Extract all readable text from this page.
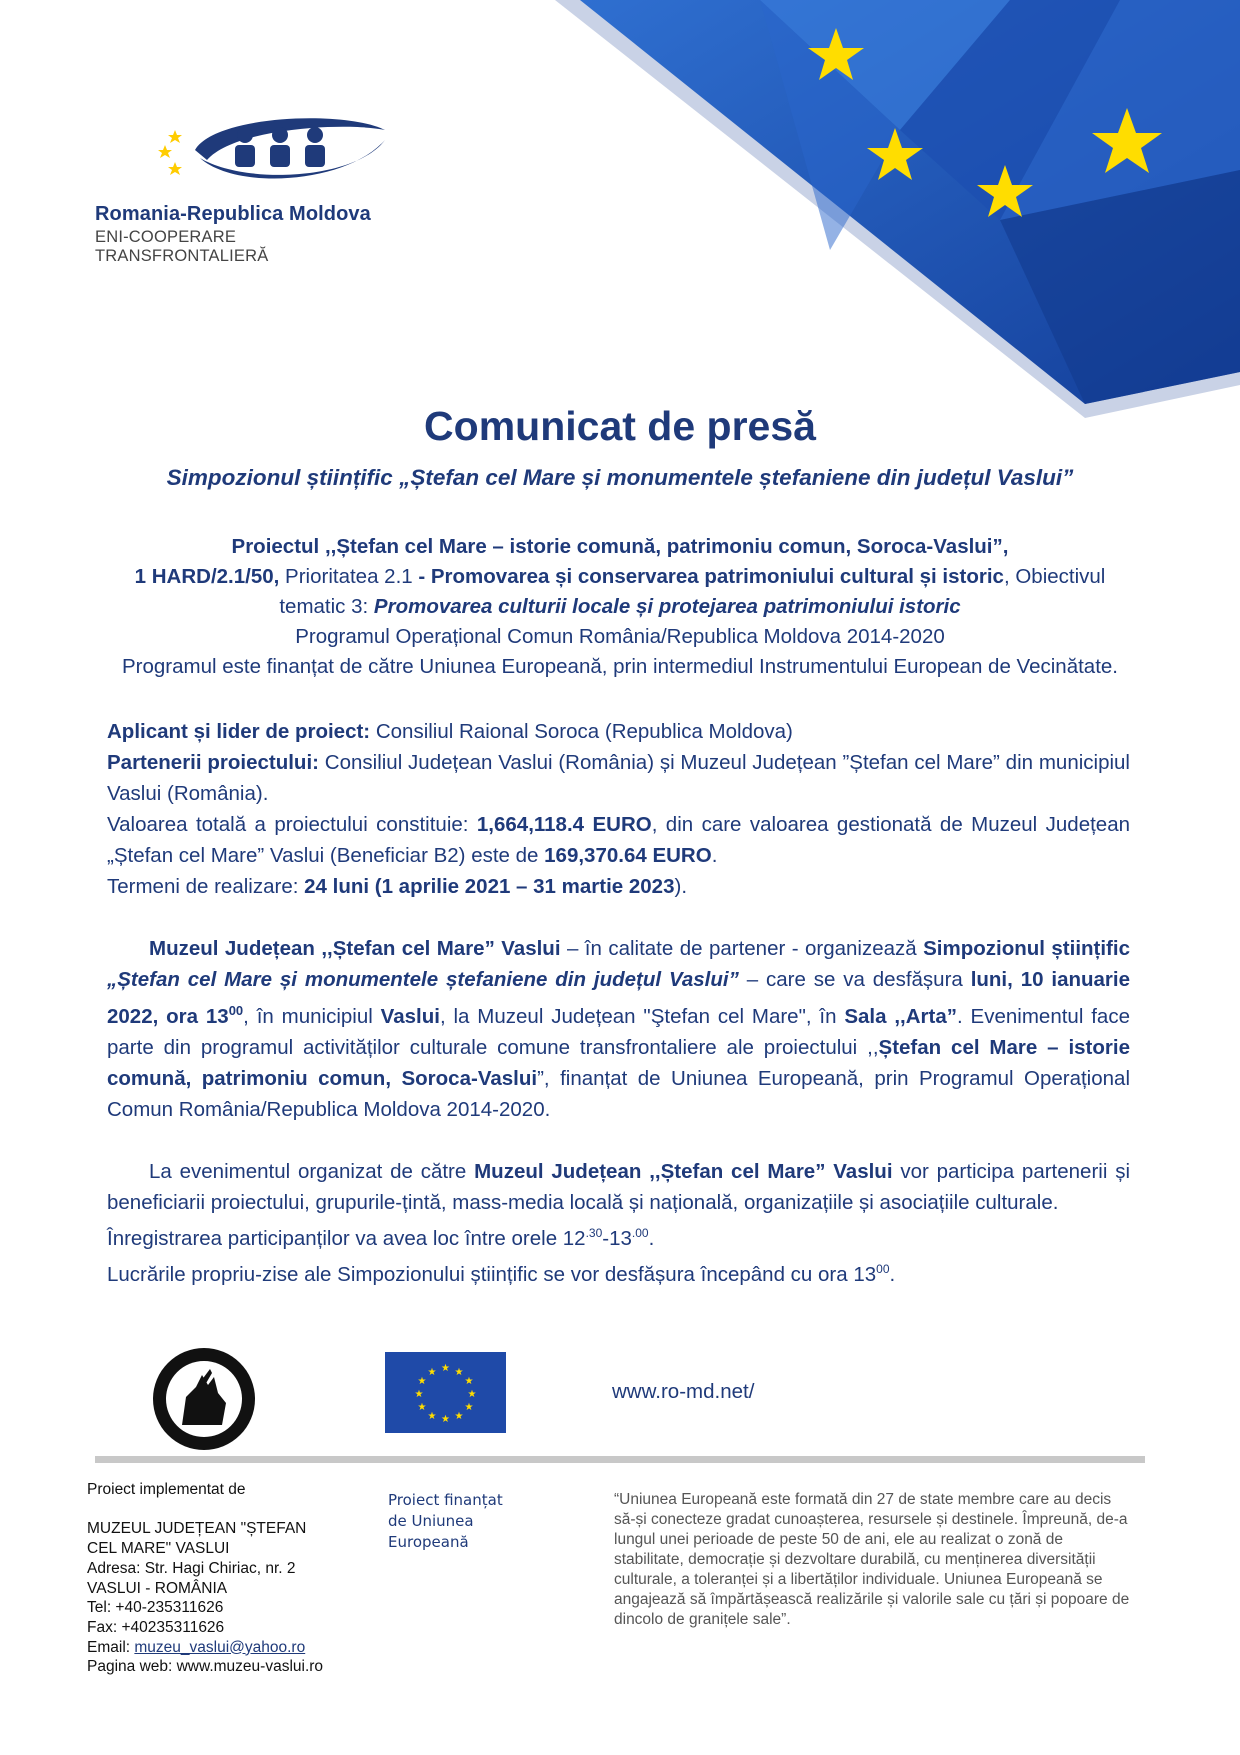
Romania-Republica Moldova
ENI-COOPERARE TRANSFRONTALIERĂ
Comunicat de presă
Simpozionul științific „Ștefan cel Mare și monumentele ștefaniene din județul Vaslui”
Proiectul ,,Ștefan cel Mare – istorie comună, patrimoniu comun, Soroca-Vaslui”,
1 HARD/2.1/50, Prioritatea 2.1 - Promovarea și conservarea patrimoniului cultural și istoric, Obiectivul
tematic 3: Promovarea culturii locale și protejarea patrimoniului istoric
Programul Operațional Comun România/Republica Moldova 2014-2020
Programul este finanțat de către Uniunea Europeană, prin intermediul Instrumentului European de Vecinătate.

Aplicant și lider de proiect: Consiliul Raional Soroca (Republica Moldova)

Partenerii proiectului: Consiliul Județean Vaslui (România) și Muzeul Județean ”Ștefan cel Mare” din municipiul Vaslui (România).

Valoarea totală a proiectului constituie: 1,664,118.4 EURO, din care valoarea gestionată de Muzeul Județean „Ștefan cel Mare” Vaslui (Beneficiar B2) este de 169,370.64 EURO.

Termeni de realizare: 24 luni (1 aprilie 2021 – 31 martie 2023).

Muzeul Județean ,,Ștefan cel Mare” Vaslui – în calitate de partener - organizează Simpozionul științific „Ștefan cel Mare și monumentele ștefaniene din județul Vaslui” – care se va desfășura luni, 10 ianuarie 2022, ora $13^{00}$, în municipiul Vaslui, la Muzeul Județean "Ştefan cel Mare", în Sala ,,Arta”. Evenimentul face parte din programul activităților culturale comune transfrontaliere ale proiectului ,,Ștefan cel Mare – istorie comună, patrimoniu comun, Soroca-Vaslui”, finanțat de Uniunea Europeană, prin Programul Operațional Comun România/Republica Moldova 2014-2020.

La evenimentul organizat de către Muzeul Județean ,,Ștefan cel Mare” Vaslui vor participa partenerii și beneficiarii proiectului, grupurile-țintă, mass-media locală și națională, organizațiile și asociațiile culturale.

Înregistrarea participanților va avea loc între orele $12^{.30}-13^{.00}$.

Lucrările propriu-zise ale Simpozionului științific se vor desfășura începând cu ora $13^{00}$.

★ ★
★
★
★
★
★
★
★
★
★
★
www.ro-md.net/
Proiect implementat de
MUZEUL JUDEȚEAN "ȘTEFAN
CEL MARE" VASLUI
Adresa: Str. Hagi Chiriac, nr. 2
VASLUI - ROMÂNIA
Tel: +40-235311626
Fax: +40235311626
Email: muzeu_vaslui@yahoo.ro
Pagina web: www.muzeu-vaslui.ro
Proiect finanțat
de Uniunea
Europeană
“Uniunea Europeană este formată din 27 de state membre care au decis să-și conecteze gradat cunoașterea, resursele și destinele. Împreună, de-a lungul unei perioade de peste 50 de ani, ele au realizat o zonă de stabilitate, democrație și dezvoltare durabilă, cu menținerea diversității culturale, a toleranței și a libertăților individuale. Uniunea Europeană se angajează să împărtășească realizările și valorile sale cu țări și popoare de dincolo de granițele sale”.
